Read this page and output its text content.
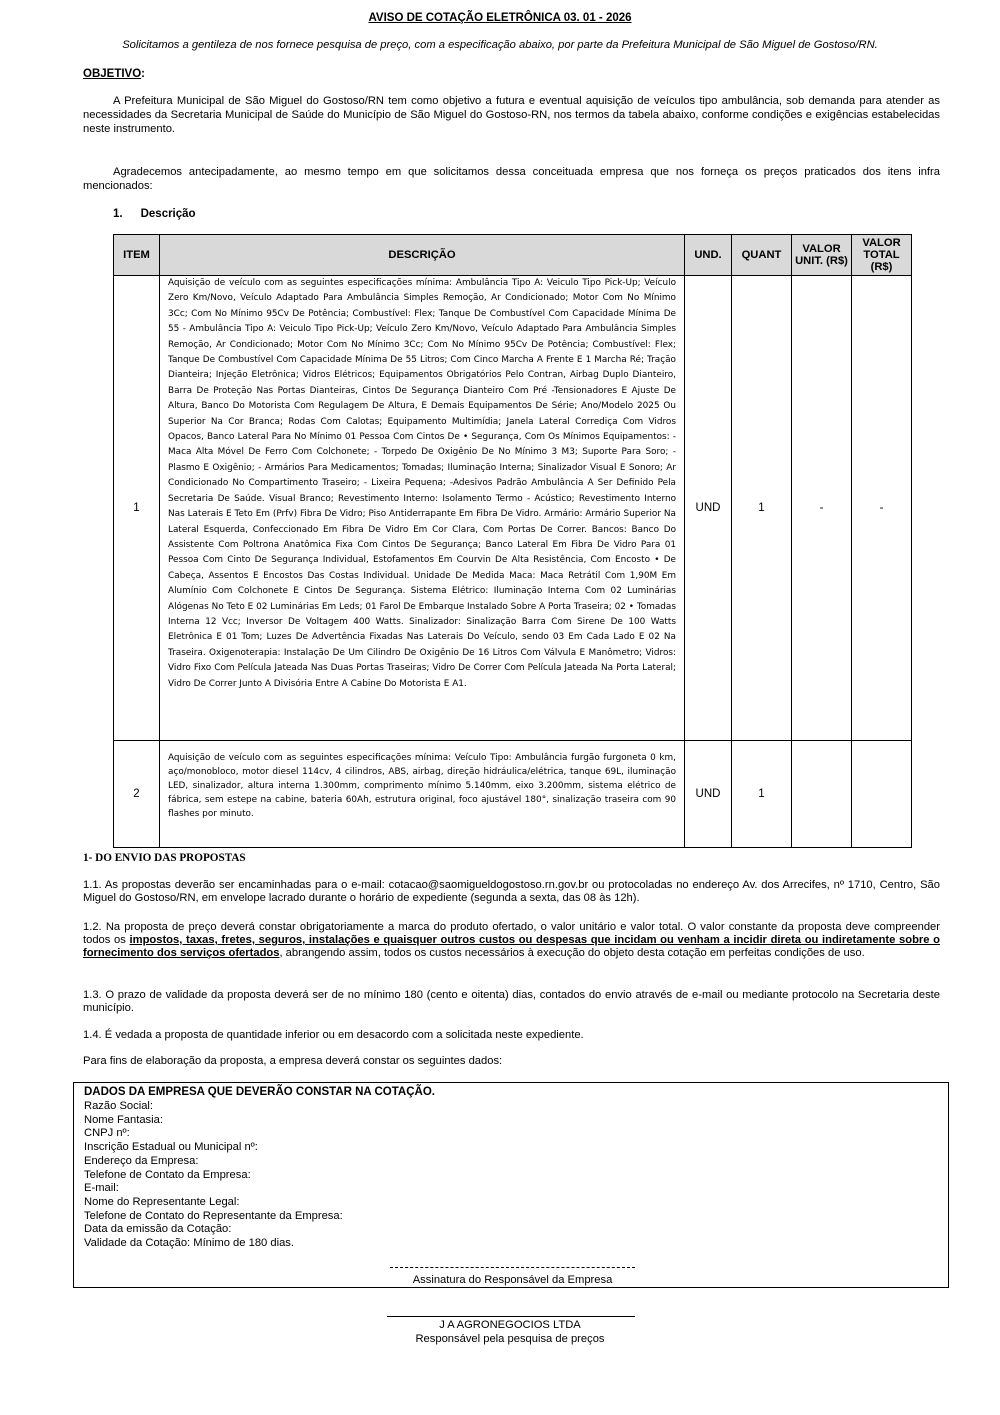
AVISO DE COTAÇÃO ELETRÔNICA 03. 01 - 2026
Solicitamos a gentileza de nos fornece pesquisa de preço, com a especificação abaixo, por parte da Prefeitura Municipal de São Miguel de Gostoso/RN.
OBJETIVO:
A Prefeitura Municipal de São Miguel do Gostoso/RN tem como objetivo a futura e eventual aquisição de veículos tipo ambulância, sob demanda para atender as necessidades da Secretaria Municipal de Saúde do Município de São Miguel do Gostoso-RN, nos termos da tabela abaixo, conforme condições e exigências estabelecidas neste instrumento.
Agradecemos antecipadamente, ao mesmo tempo em que solicitamos dessa conceituada empresa que nos forneça os preços praticados dos itens infra mencionados:
1. Descrição
ITEM	DESCRIÇÃO	UND.	QUANT	VALOR UNIT. (R$)	VALOR TOTAL (R$)
1	Aquisição de veículo com as seguintes especificações mínima: Ambulância Tipo A: Veiculo Tipo Pick-Up; Veículo Zero Km/Novo, Veículo Adaptado Para Ambulância Simples Remoção, Ar Condicionado; Motor Com No Mínimo 3Cc; Com No Mínimo 95Cv De Potência; Combustível: Flex; Tanque De Combustível Com Capacidade Mínima De 55 - Ambulância Tipo A: Veiculo Tipo Pick-Up; Veículo Zero Km/Novo, Veículo Adaptado Para Ambulância Simples Remoção, Ar Condicionado; Motor Com No Mínimo 3Cc; Com No Mínimo 95Cv De Potência; Combustível: Flex; Tanque De Combustível Com Capacidade Mínima De 55 Litros; Com Cinco Marcha A Frente E 1 Marcha Ré; Tração Dianteira; Injeção Eletrônica; Vidros Elétricos; Equipamentos Obrigatórios Pelo Contran, Airbag Duplo Dianteiro, Barra De Proteção Nas Portas Dianteiras, Cintos De Segurança Dianteiro Com Pré -Tensionadores E Ajuste De Altura, Banco Do Motorista Com Regulagem De Altura, E Demais Equipamentos De Série; Ano/Modelo 2025 Ou Superior Na Cor Branca; Rodas Com Calotas; Equipamento Multimídia; Janela Lateral Corrediça Com Vidros Opacos, Banco Lateral Para No Mínimo 01 Pessoa Com Cintos De • Segurança, Com Os Mínimos Equipamentos: - Maca Alta Móvel De Ferro Com Colchonete; - Torpedo De Oxigênio De No Mínimo 3 M3; Suporte Para Soro; - Plasmo E Oxigênio; - Armários Para Medicamentos; Tomadas; Iluminação Interna; Sinalizador Visual E Sonoro; Ar Condicionado No Compartimento Traseiro; - Lixeira Pequena; -Adesivos Padrão Ambulância A Ser Definido Pela Secretaria De Saúde. Visual Branco; Revestimento Interno: Isolamento Termo - Acústico; Revestimento Interno Nas Laterais E Teto Em (Prfv) Fibra De Vidro; Piso Antiderrapante Em Fibra De Vidro. Armário: Armário Superior Na Lateral Esquerda, Confeccionado Em Fibra De Vidro Em Cor Clara, Com Portas De Correr. Bancos: Banco Do Assistente Com Poltrona Anatômica Fixa Com Cintos De Segurança; Banco Lateral Em Fibra De Vidro Para 01 Pessoa Com Cinto De Segurança Individual, Estofamentos Em Courvin De Alta Resistência, Com Encosto • De Cabeça, Assentos E Encostos Das Costas Individual. Unidade De Medida Maca: Maca Retrátil Com 1,90M Em Alumínio Com Colchonete E Cintos De Segurança. Sistema Elétrico: Iluminação Interna Com 02 Luminárias Alógenas No Teto E 02 Luminárias Em Leds; 01 Farol De Embarque Instalado Sobre A Porta Traseira; 02 • Tomadas Interna 12 Vcc; Inversor De Voltagem 400 Watts. Sinalizador: Sinalização Barra Com Sirene De 100 Watts Eletrônica E 01 Tom; Luzes De Advertência Fixadas Nas Laterais Do Veículo, sendo 03 Em Cada Lado E 02 Na Traseira. Oxigenoterapia: Instalação De Um Cilindro De Oxigênio De 16 Litros Com Válvula E Manômetro; Vidros: Vidro Fixo Com Película Jateada Nas Duas Portas Traseiras; Vidro De Correr Com Película Jateada Na Porta Lateral; Vidro De Correr Junto A Divisória Entre A Cabine Do Motorista E A1.	UND	1	-	-
2	Aquisição de veículo com as seguintes especificações mínima: Veículo Tipo: Ambulância furgão furgoneta 0 km, aço/monobloco, motor diesel 114cv, 4 cilindros, ABS, airbag, direção hidráulica/elétrica, tanque 69L, iluminação LED, sinalizador, altura interna 1.300mm, comprimento mínimo 5.140mm, eixo 3.200mm, sistema elétrico de fábrica, sem estepe na cabine, bateria 60Ah, estrutura original, foco ajustável 180°, sinalização traseira com 90 flashes por minuto.	UND	1		
1- DO ENVIO DAS PROPOSTAS
1.1. As propostas deverão ser encaminhadas para o e-mail: cotacao@saomigueldogostoso.rn.gov.br ou protocoladas no endereço Av. dos Arrecifes, nº 1710, Centro, São Miguel do Gostoso/RN, em envelope lacrado durante o horário de expediente (segunda a sexta, das 08 às 12h).
1.2. Na proposta de preço deverá constar obrigatoriamente a marca do produto ofertado, o valor unitário e valor total. O valor constante da proposta deve compreender todos os impostos, taxas, fretes, seguros, instalações e quaisquer outros custos ou despesas que incidam ou venham a incidir direta ou indiretamente sobre o fornecimento dos serviços ofertados, abrangendo assim, todos os custos necessários à execução do objeto desta cotação em perfeitas condições de uso.
1.3. O prazo de validade da proposta deverá ser de no mínimo 180 (cento e oitenta) dias, contados do envio através de e-mail ou mediante protocolo na Secretaria deste município.
1.4. É vedada a proposta de quantidade inferior ou em desacordo com a solicitada neste expediente.
Para fins de elaboração da proposta, a empresa deverá constar os seguintes dados:
DADOS DA EMPRESA QUE DEVERÃO CONSTAR NA COTAÇÃO.
Razão Social:
Nome Fantasia:
CNPJ nº:
Inscrição Estadual ou Municipal nº:
Endereço da Empresa:
Telefone de Contato da Empresa:
E-mail:
Nome do Representante Legal:
Telefone de Contato do Representante da Empresa:
Data da emissão da Cotação:
Validade da Cotação: Mínimo de 180 dias.
Assinatura do Responsável da Empresa
J A AGRONEGOCIOS LTDA
Responsável pela pesquisa de preços
